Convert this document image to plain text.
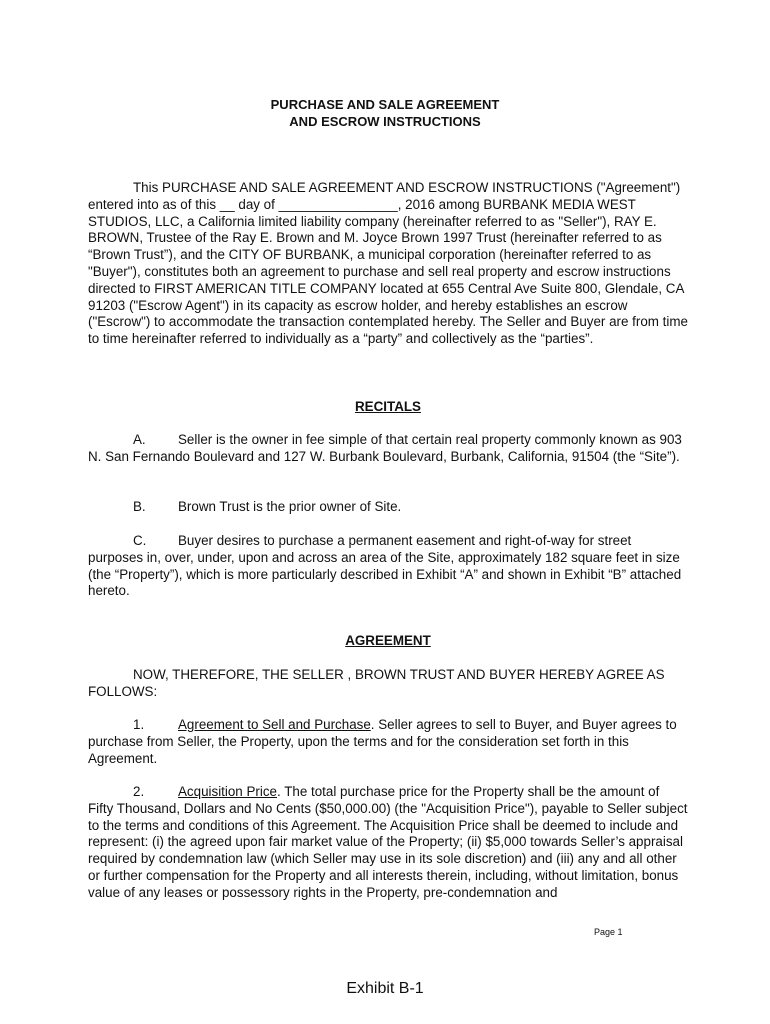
PURCHASE AND SALE AGREEMENT
AND ESCROW INSTRUCTIONS

This PURCHASE AND SALE AGREEMENT AND ESCROW INSTRUCTIONS ("Agreement") entered into as of this __ day of ________________, 2016 among BURBANK MEDIA WEST STUDIOS, LLC, a California limited liability company (hereinafter referred to as "Seller"), RAY E. BROWN, Trustee of the Ray E. Brown and M. Joyce Brown 1997 Trust (hereinafter referred to as “Brown Trust”), and the CITY OF BURBANK, a municipal corporation (hereinafter referred to as "Buyer"), constitutes both an agreement to purchase and sell real property and escrow instructions directed to FIRST AMERICAN TITLE COMPANY located at 655 Central Ave Suite 800, Glendale, CA 91203 ("Escrow Agent") in its capacity as escrow holder, and hereby establishes an escrow ("Escrow") to accommodate the transaction contemplated hereby. The Seller and Buyer are from time to time hereinafter referred to individually as a “party” and collectively as the “parties”.

RECITALS

A. Seller is the owner in fee simple of that certain real property commonly known as 903 N. San Fernando Boulevard and 127 W. Burbank Boulevard, Burbank, California, 91504 (the “Site”).

B. Brown Trust is the prior owner of Site.

C. Buyer desires to purchase a permanent easement and right-of-way for street purposes in, over, under, upon and across an area of the Site, approximately 182 square feet in size (the “Property”), which is more particularly described in Exhibit “A” and shown in Exhibit “B” attached hereto.

AGREEMENT

NOW, THEREFORE, THE SELLER , BROWN TRUST AND BUYER HEREBY AGREE AS FOLLOWS:

1.	Agreement to Sell and Purchase. Seller agrees to sell to Buyer, and Buyer agrees to purchase from Seller, the Property, upon the terms and for the consideration set forth in this Agreement.

2.	Acquisition Price. The total purchase price for the Property shall be the amount of Fifty Thousand, Dollars and No Cents ($50,000.00) (the "Acquisition Price"), payable to Seller subject to the terms and conditions of this Agreement. The Acquisition Price shall be deemed to include and represent: (i) the agreed upon fair market value of the Property; (ii) $5,000 towards Seller’s appraisal required by condemnation law (which Seller may use in its sole discretion) and (iii) any and all other or further compensation for the Property and all interests therein, including, without limitation, bonus value of any leases or possessory rights in the Property, pre-condemnation and

Page 1
Exhibit B-1
